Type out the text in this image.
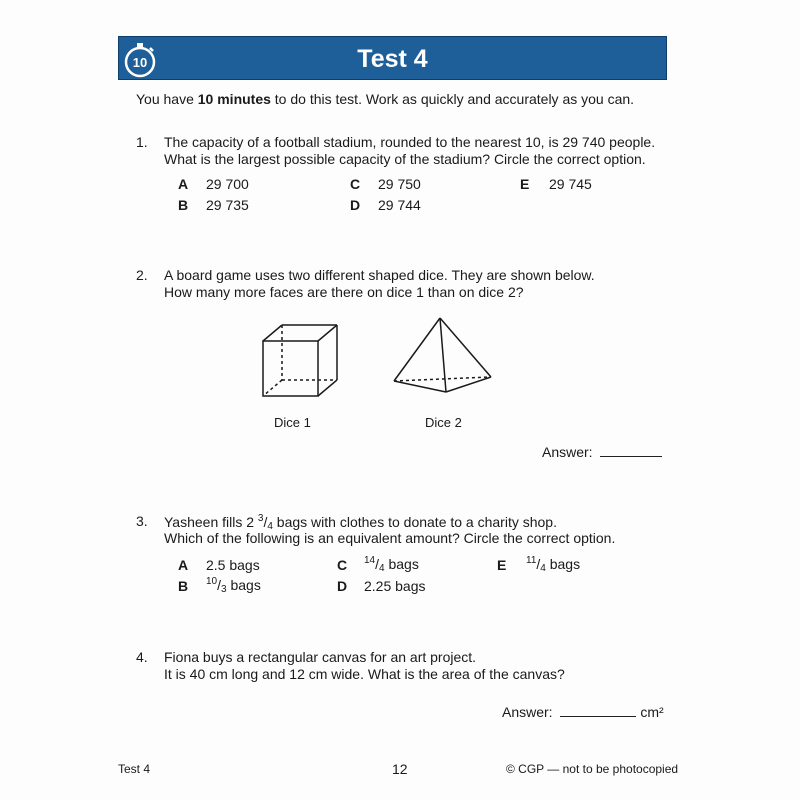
Test 4
10
You have 10 minutes to do this test. Work as quickly and accurately as you can.
1. The capacity of a football stadium, rounded to the nearest 10, is 29 740 people.
What is the largest possible capacity of the stadium? Circle the correct option.
A 29 700
B 29 735
C 29 750
D 29 744
E 29 745
2. A board game uses two different shaped dice. They are shown below.
How many more faces are there on dice 1 than on dice 2?
Dice 1	Dice 2
Answer:
3. Yasheen fills 2 $^3/_4$ bags with clothes to donate to a charity shop.
Which of the following is an equivalent amount? Circle the correct option.
A 2.5 bags
B $^{10}/_3$ bags
C $^{14}/_4$ bags
D 2.25 bags
E $^{11}/_4$ bags
4. Fiona buys a rectangular canvas for an art project.
It is 40 cm long and 12 cm wide. What is the area of the canvas?
Answer:	cm²
Test 4	12	© CGP — not to be photocopied
